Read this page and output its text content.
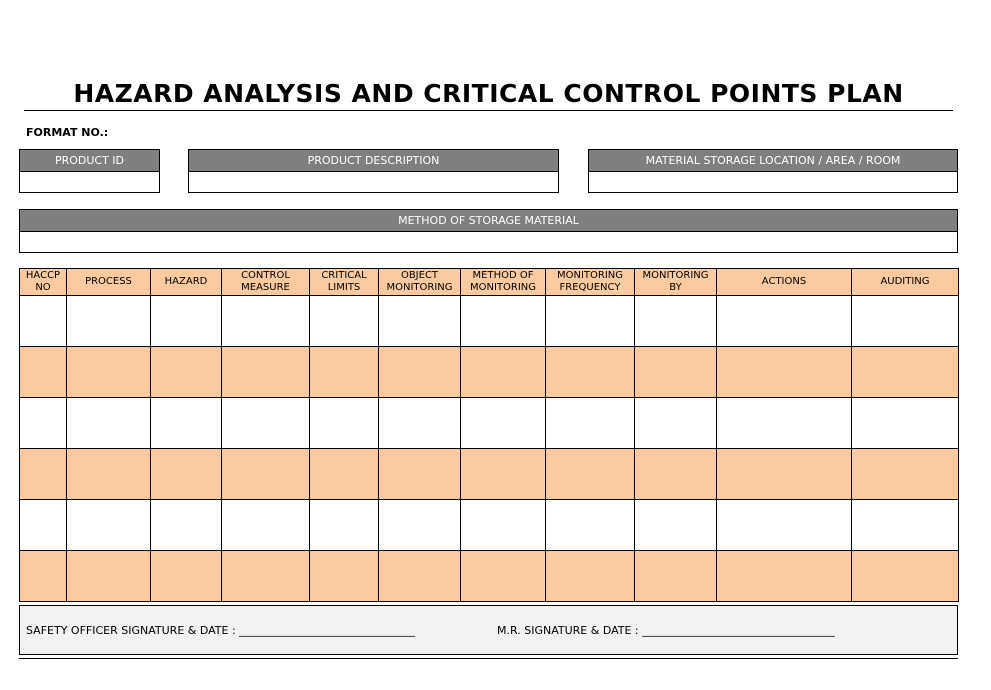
HAZARD ANALYSIS AND CRITICAL CONTROL POINTS PLAN
FORMAT NO.:
PRODUCT ID	PRODUCT DESCRIPTION	MATERIAL STORAGE LOCATION / AREA / ROOM
METHOD OF STORAGE MATERIAL
HACCP NO	PROCESS	HAZARD	CONTROL MEASURE	CRITICAL LIMITS	OBJECT MONITORING	METHOD OF MONITORING	MONITORING FREQUENCY	MONITORING BY	ACTIONS	AUDITING

SAFETY OFFICER SIGNATURE & DATE : ________________________________	M.R. SIGNATURE & DATE : ___________________________________
